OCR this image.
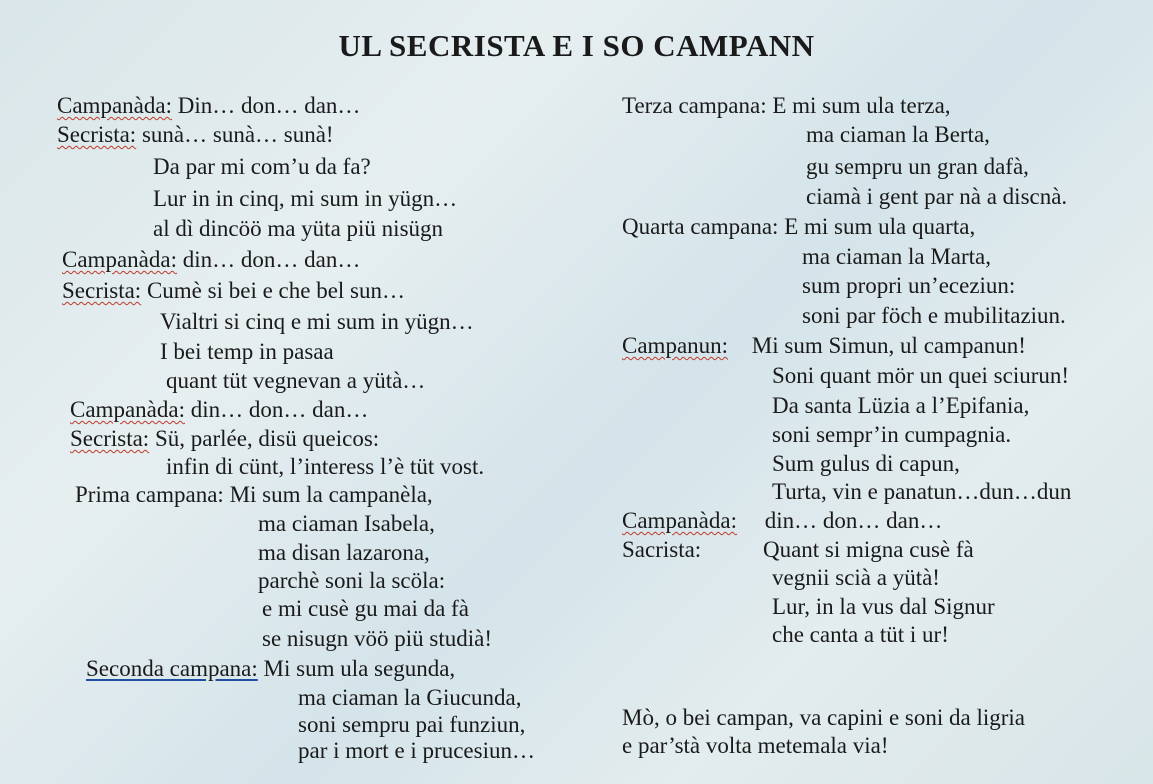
UL SECRISTA E I SO CAMPANN
Campanàda: Din… don… dan…
Secrista: sunà… sunà… sunà!
Da par mi com’u da fa?
Lur in in cinq, mi sum in yügn…
al dì dincöö ma yüta piü nisügn
Campanàda: din… don… dan…
Secrista: Cumè si bei e che bel sun…
Vialtri si cinq e mi sum in yügn…
I bei temp in pasaa
quant tüt vegnevan a yütà…
Campanàda: din… don… dan…
Secrista: Sü, parlée, disü queicos:
infin di cünt, l’interess l’è tüt vost.
Prima campana: Mi sum la campanèla,
ma ciaman Isabela,
ma disan lazarona,
parchè soni la scöla:
e mi cusè gu mai da fà
se nisugn vöö piü studià!
Seconda campana: Mi sum ula segunda,
ma ciaman la Giucunda,
soni sempru pai funziun,
par i mort e i prucesiun…
Terza campana: E mi sum ula terza,
ma ciaman la Berta,
gu sempru un gran dafà,
ciamà i gent par nà a discnà.
Quarta campana: E mi sum ula quarta,
ma ciaman la Marta,
sum propri un’eceziun:
soni par föch e mubilitaziun.
Campanun: Mi sum Simun, ul campanun!
Soni quant mör un quei sciurun!
Da santa Lüzia a l’Epifania,
soni sempr’in cumpagnia.
Sum gulus di capun,
Turta, vin e panatun…dun…dun
Campanàda: din… don… dan…
Sacrista:	Quant si migna cusè fà
vegnii scià a yütà!
Lur, in la vus dal Signur
che canta a tüt i ur!
Mò, o bei campan, va capini e soni da ligria
e par’stà volta metemala via!
